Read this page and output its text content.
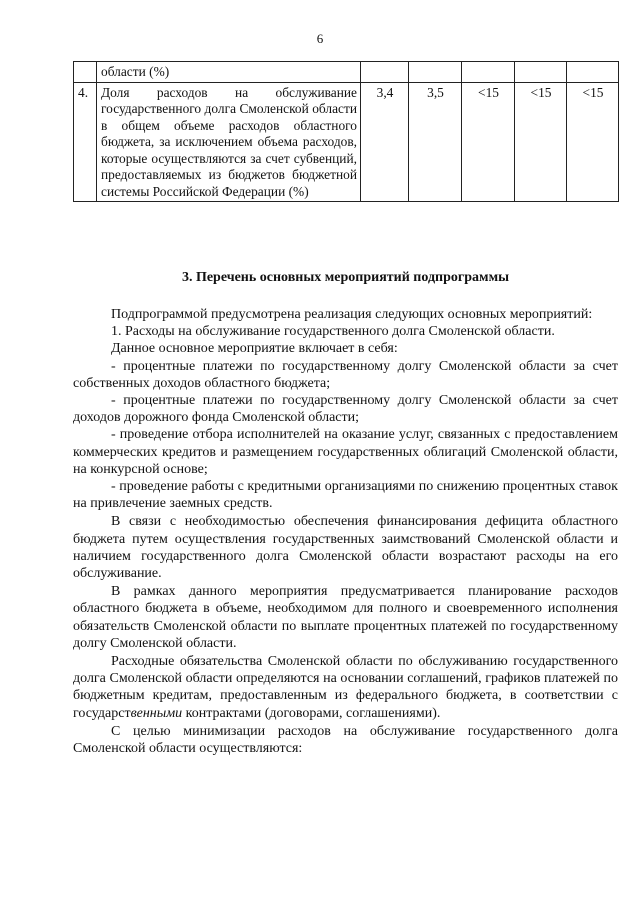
6
	области (%)					
4.	Доля расходов на обслуживание государственного долга Смоленской области в общем объеме расходов областного бюджета, за исключением объема расходов, которые осуществляются за счет субвенций, предоставляемых из бюджетов бюджетной системы Российской Федерации (%)	3,4	3,5	<15	<15	<15
3. Перечень основных мероприятий подпрограммы

Подпрограммой предусмотрена реализация следующих основных мероприятий:

1. Расходы на обслуживание государственного долга Смоленской области.

Данное основное мероприятие включает в себя:

- процентные платежи по государственному долгу Смоленской области за счет собственных доходов областного бюджета;

- процентные платежи по государственному долгу Смоленской области за счет доходов дорожного фонда Смоленской области;

- проведение отбора исполнителей на оказание услуг, связанных с предоставлением коммерческих кредитов и размещением государственных облигаций Смоленской области, на конкурсной основе;

- проведение работы с кредитными организациями по снижению процентных ставок на привлечение заемных средств.

В связи с необходимостью обеспечения финансирования дефицита областного бюджета путем осуществления государственных заимствований Смоленской области и наличием государственного долга Смоленской области возрастают расходы на его обслуживание.

В рамках данного мероприятия предусматривается планирование расходов областного бюджета в объеме, необходимом для полного и своевременного исполнения обязательств Смоленской области по выплате процентных платежей по государственному долгу Смоленской области.

Расходные обязательства Смоленской области по обслуживанию государственного долга Смоленской области определяются на основании соглашений, графиков платежей по бюджетным кредитам, предоставленным из федерального бюджета, в соответствии с государственными контрактами (договорами, соглашениями).

С целью минимизации расходов на обслуживание государственного долга Смоленской области осуществляются:
